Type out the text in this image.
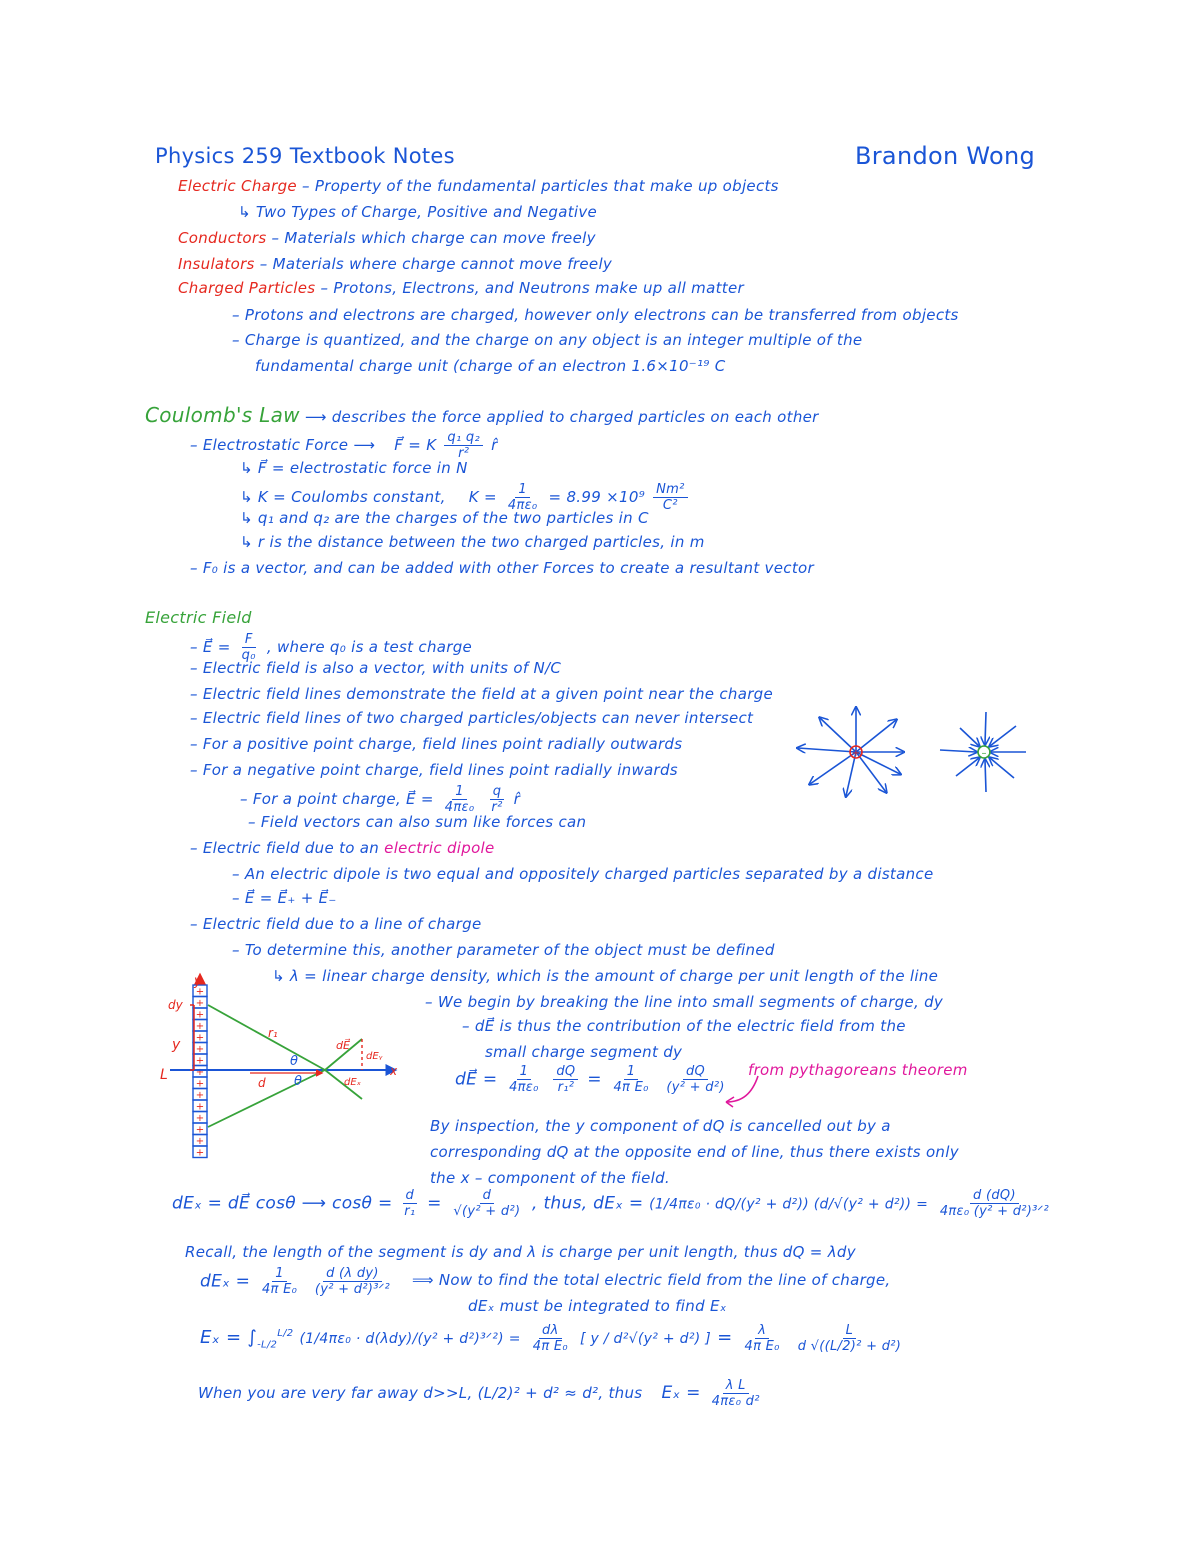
Physics 259 Textbook Notes	Brandon Wong
Electric Charge – Property of the fundamental particles that make up objects
↳ Two Types of Charge, Positive and Negative
Conductors – Materials which charge can move freely
Insulators – Materials where charge cannot move freely
Charged Particles – Protons, Electrons, and Neutrons make up all matter
– Protons and electrons are charged, however only electrons can be transferred from objects
– Charge is quantized, and the charge on any object is an integer multiple of the
fundamental charge unit (charge of an electron 1.6×10⁻¹⁹ C
Coulomb's Law ⟶ describes the force applied to charged particles on each other
– Electrostatic Force ⟶ F⃗ = K $\frac{\text{q₁ q₂}}{\text{r²}}$ r̂
↳ F⃗ = electrostatic force in N
↳ K = Coulombs constant, $K = \frac{1}{\text{4πε₀}} = 8.99 \times 10^9 \frac{\text{Nm²}}{\text{C²}}$
↳ q₁ and q₂ are the charges of the two particles in C
↳ r is the distance between the two charged particles, in m
– F₀ is a vector, and can be added with other Forces to create a resultant vector
Electric Field
– E⃗ = $\frac{F}{\text{q₀}}$ , where q₀ is a test charge
– Electric field is also a vector, with units of N/C
– Electric field lines demonstrate the field at a given point near the charge
– Electric field lines of two charged particles/objects can never intersect
– For a positive point charge, field lines point radially outwards
– For a negative point charge, field lines point radially inwards
– For a point charge, E⃗ = $\frac{1}{\text{4πε₀}}$
$\frac{q}{\text{r²}}$ r̂
– Field vectors can also sum like forces can
– Electric field due to an electric dipole
– An electric dipole is two equal and oppositely charged particles separated by a distance
– E⃗ = E⃗₊ + E⃗₋
– Electric field due to a line of charge
– To determine this, another parameter of the object must be defined
↳ λ = linear charge density, which is the amount of charge per unit length of the line
+	–
+
+
+
+
+
+
+
+
+
+
+
+
+
+
+
y
dy
y
L
r₁
θ
θ
d
dE⃗
dEᵧ
dEₓ
x
– We begin by breaking the line into small segments of charge, dy
– dE⃗ is thus the contribution of the electric field from the
small charge segment dy
dE⃗ = $\frac{1}{\text{4πε₀}}$
$\frac{dQ}{\text{r₁²}} = \frac{1}{\text{4π E₀}}$
$\frac{dQ}{\text{(y² + d²)}}$ from pythagoreans theorem
By inspection, the y component of dQ is cancelled out by a
corresponding dQ at the opposite end of line, thus there exists only
the x – component of the field.
dEₓ = dE⃗ cosθ ⟶ $\cos\theta = \frac{d}{\text{r₁}} = \frac{d}{\text{√(y² + d²)}}$ , thus, dEₓ = (1/4πε₀ · dQ/(y² + d²)) $(d/√(y^2 + d^2)) = \frac{d (dQ)}{\text{4πε₀ (y² + d²)³ᐟ²}}$
Recall, the length of the segment is dy and λ is charge per unit length, thus dQ = λdy
$dE_x = \frac{1}{\text{4π E₀}}$
$\frac{\text{d (λ dy)}}{\text{(y² + d²)³ᐟ²}}$ ⟹ Now to find the total electric field from the line of charge,
dEₓ must be integrated to find Eₓ
$E_x = \int_{-L/2}^{L/2}$ (1/4πε₀ · d(λdy)/(y² + d²)³ᐟ²) = $\frac{d\lambda}{\text{4π E₀}}$ [ y / d²√(y² + d²) ] = $\frac{\lambda}{\text{4π E₀}}$
$\frac{L}{\text{d √((L/2)² + d²)}}$
When you are very far away d>>L, (L/2)² + d² ≈ d², thus $E_x = \frac{\text{λ L}}{\text{4πε₀ d²}}$
